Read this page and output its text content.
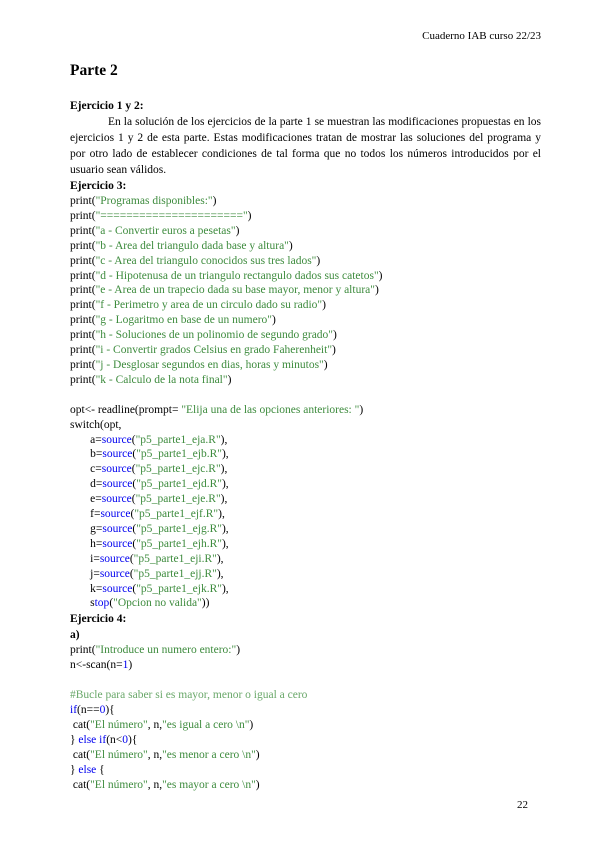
Cuaderno IAB curso 22/23
Parte 2
Ejercicio 1 y 2:

En la solución de los ejercicios de la parte 1 se muestran las modificaciones propuestas en los ejercicios 1 y 2 de esta parte. Estas modificaciones tratan de mostrar las soluciones del programa y por otro lado de establecer condiciones de tal forma que no todos los números introducidos por el usuario sean válidos.

Ejercicio 3:
print("Programas disponibles:")
print("======================")
print("a - Convertir euros a pesetas")
print("b - Area del triangulo dada base y altura")
print("c - Area del triangulo conocidos sus tres lados")
print("d - Hipotenusa de un triangulo rectangulo dados sus catetos")
print("e - Area de un trapecio dada su base mayor, menor y altura")
print("f - Perimetro y area de un circulo dado su radio")
print("g - Logaritmo en base de un numero")
print("h - Soluciones de un polinomio de segundo grado")
print("i - Convertir grados Celsius en grado Faherenheit")
print("j - Desglosar segundos en dias, horas y minutos")
print("k - Calculo de la nota final")

opt<- readline(prompt= "Elija una de las opciones anteriores: ")
switch(opt,
a=source("p5_parte1_eja.R"),
b=source("p5_parte1_ejb.R"),
c=source("p5_parte1_ejc.R"),
d=source("p5_parte1_ejd.R"),
e=source("p5_parte1_eje.R"),
f=source("p5_parte1_ejf.R"),
g=source("p5_parte1_ejg.R"),
h=source("p5_parte1_ejh.R"),
i=source("p5_parte1_eji.R"),
j=source("p5_parte1_ejj.R"),
k=source("p5_parte1_ejk.R"),
stop("Opcion no valida"))
Ejercicio 4:
a)
print("Introduce un numero entero:")
n<-scan(n=1)

#Bucle para saber si es mayor, menor o igual a cero
if(n==0){
cat("El número", n,"es igual a cero \n")
} else if(n<0){
cat("El número", n,"es menor a cero \n")
} else {
cat("El número", n,"es mayor a cero \n")
22
